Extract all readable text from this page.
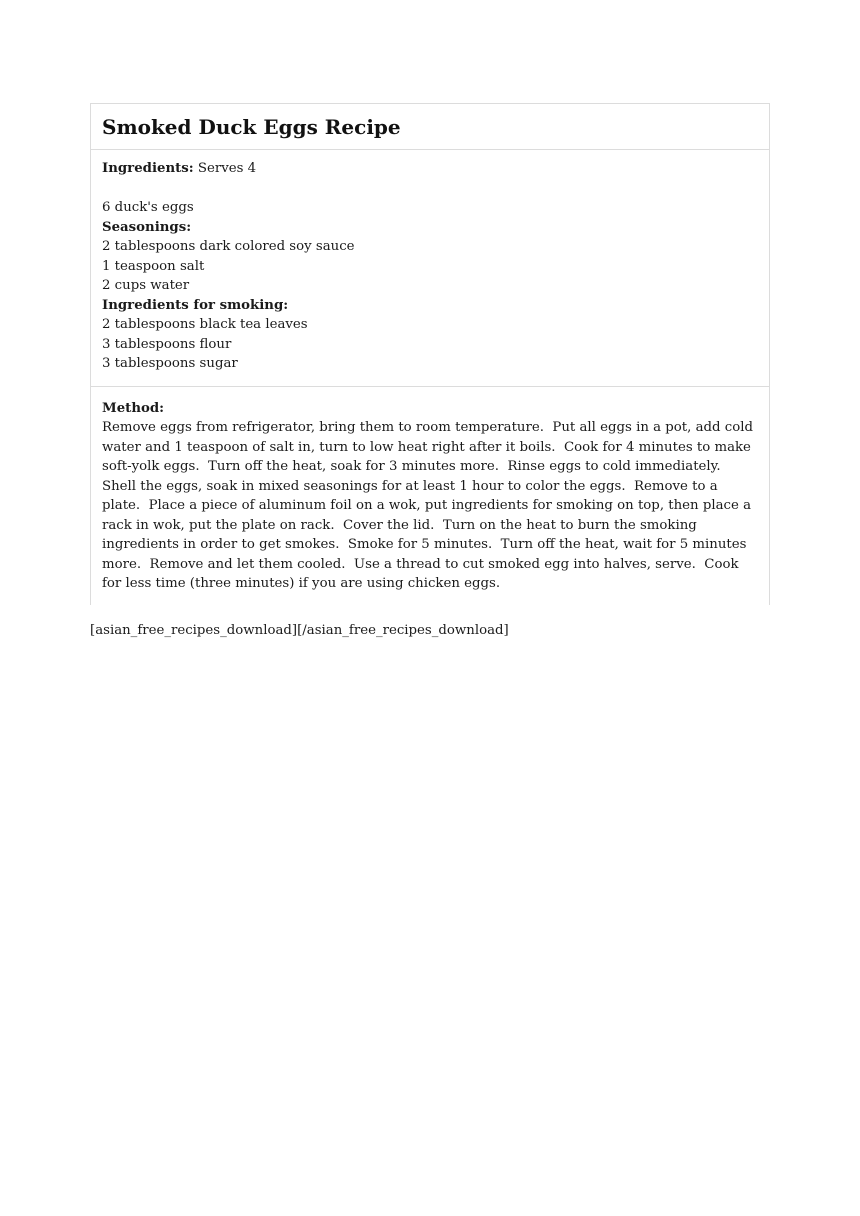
Smoked Duck Eggs Recipe
Ingredients: Serves 4
6 duck's eggs
Seasonings:
2 tablespoons dark colored soy sauce
1 teaspoon salt
2 cups water
Ingredients for smoking:
2 tablespoons black tea leaves
3 tablespoons flour
3 tablespoons sugar
Method:

Remove eggs from refrigerator, bring them to room temperature.  Put all eggs in a pot, add cold water and 1 teaspoon of salt in, turn to low heat right after it boils.  Cook for 4 minutes to make soft-yolk eggs.  Turn off the heat, soak for 3 minutes more.  Rinse eggs to cold immediately.  Shell the eggs, soak in mixed seasonings for at least 1 hour to color the eggs.  Remove to a plate.  Place a piece of aluminum foil on a wok, put ingredients for smoking on top, then place a rack in wok, put the plate on rack.  Cover the lid.  Turn on the heat to burn the smoking ingredients in order to get smokes.  Smoke for 5 minutes.  Turn off the heat, wait for 5 minutes more.  Remove and let them cooled.  Use a thread to cut smoked egg into halves, serve.  Cook for less time (three minutes) if you are using chicken eggs.

[asian_free_recipes_download][/asian_free_recipes_download]
